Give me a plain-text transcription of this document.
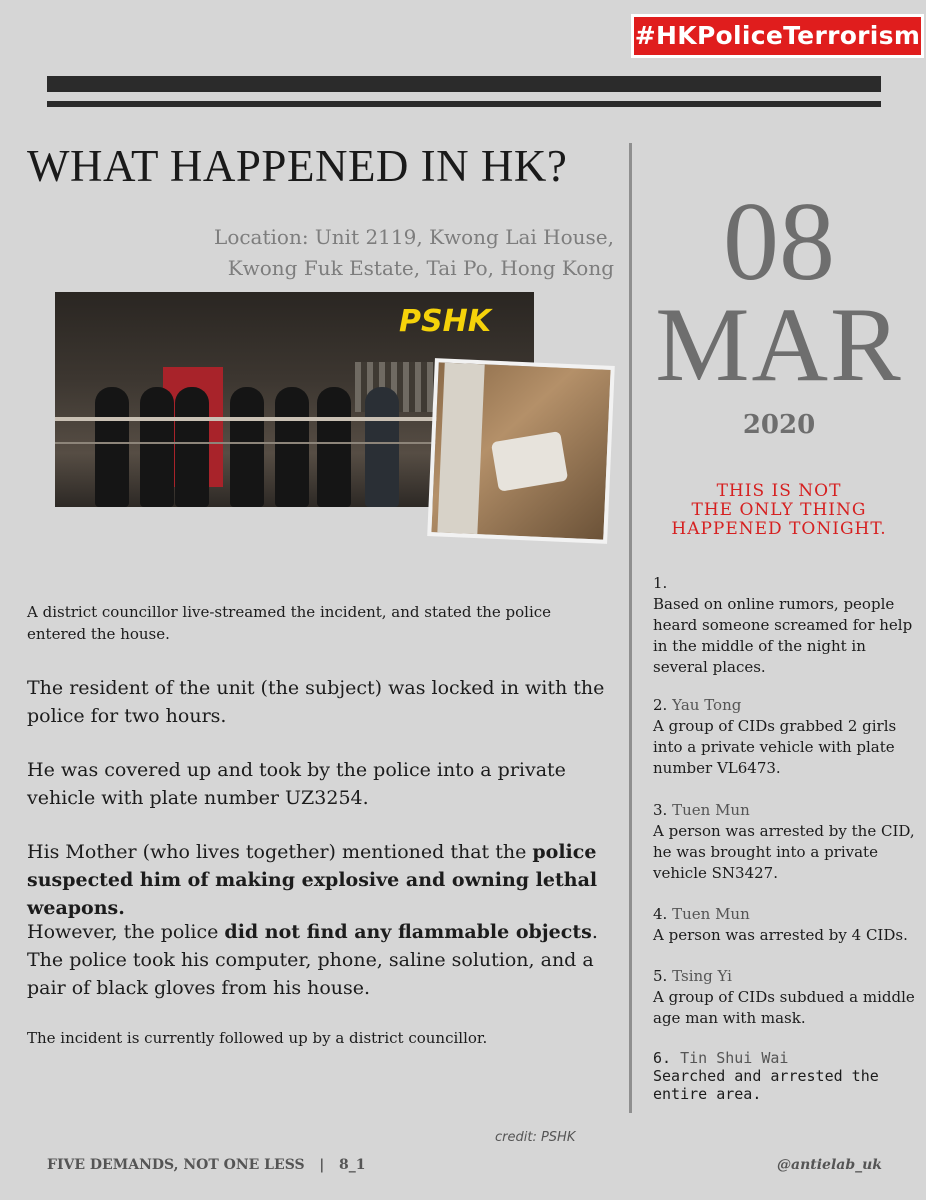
#HKPoliceTerrorism
WHAT HAPPENED IN HK?
Location: Unit 2119, Kwong Lai House,
Kwong Fuk Estate, Tai Po, Hong Kong
PSHK

A district councillor live-streamed the incident, and stated the police entered the house.

The resident of the unit (the subject) was locked in with the police for two hours.

He was covered up and took by the police into a private vehicle with plate number UZ3254.

His Mother (who lives together) mentioned that the police suspected him of making explosive and owning lethal weapons.

However, the police did not find any flammable objects.

The police took his computer, phone, saline solution, and a pair of black gloves from his house.

The incident is currently followed up by a district councillor.

08
MAR
2020
THIS IS NOT
THE ONLY THING
HAPPENED TONIGHT.
1.
Based on online rumors, people heard someone screamed for help in the middle of the night in several places.
2. Yau Tong
A group of CIDs grabbed 2 girls into a private vehicle with plate number VL6473.
3. Tuen Mun
A person was arrested by the CID, he was brought into a private vehicle SN3427.
4. Tuen Mun
A person was arrested by 4 CIDs.
5. Tsing Yi
A group of CIDs subdued a middle age man with mask.
6. Tin Shui Wai
Searched and arrested the entire area.
credit: PSHK
FIVE DEMANDS, NOT ONE LESS   |   8_1	@antielab_uk
